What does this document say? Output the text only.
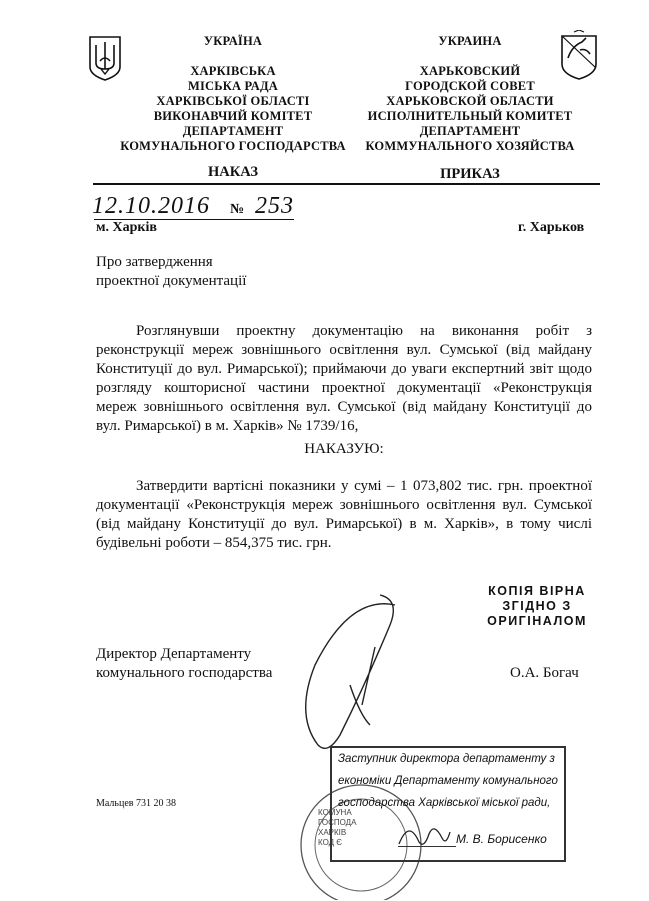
УКРАЇНА
ХАРКІВСЬКА
МІСЬКА РАДА
ХАРКІВСЬКОЇ ОБЛАСТІ
ВИКОНАВЧИЙ КОМІТЕТ
ДЕПАРТАМЕНТ
КОМУНАЛЬНОГО ГОСПОДАРСТВА
УКРАИНА
ХАРЬКОВСКИЙ
ГОРОДСКОЙ СОВЕТ
ХАРЬКОВСКОЙ ОБЛАСТИ
ИСПОЛНИТЕЛЬНЫЙ КОМИТЕТ
ДЕПАРТАМЕНТ
КОММУНАЛЬНОГО ХОЗЯЙСТВА
НАКАЗ	ПРИКАЗ
12.10.2016 № 253
м. Харків	г. Харьков
Про затвердження
проектної документації
Розглянувши проектну документацію на виконання робіт з реконструкції мереж зовнішнього освітлення вул. Сумської (від майдану Конституції до вул. Римарської); приймаючи до уваги експертний звіт щодо розгляду кошторисної частини проектної документації «Реконструкція мереж зовнішнього освітлення вул. Сумської (від майдану Конституції до вул. Римарської) в м. Харків» № 1739/16,
НАКАЗУЮ:
Затвердити вартісні показники у сумі – 1 073,802 тис. грн. проектної документації «Реконструкція мереж зовнішнього освітлення вул. Сумської (від майдану Конституції до вул. Римарської) в м. Харків», в тому числі будівельні роботи – 854,375 тис. грн.
КОПІЯ ВІРНА
ЗГІДНО З
ОРИГІНАЛОМ
Директор Департаменту
комунального господарства	О.А. Богач
КОМУНА
ГОСПОДА
ХАРКІВ
КОД Є
Заступник директора департаменту з
економіки Департаменту комунального
господарства Харківської міської ради,
М. В. Борисенко
Мальцев 731 20 38
